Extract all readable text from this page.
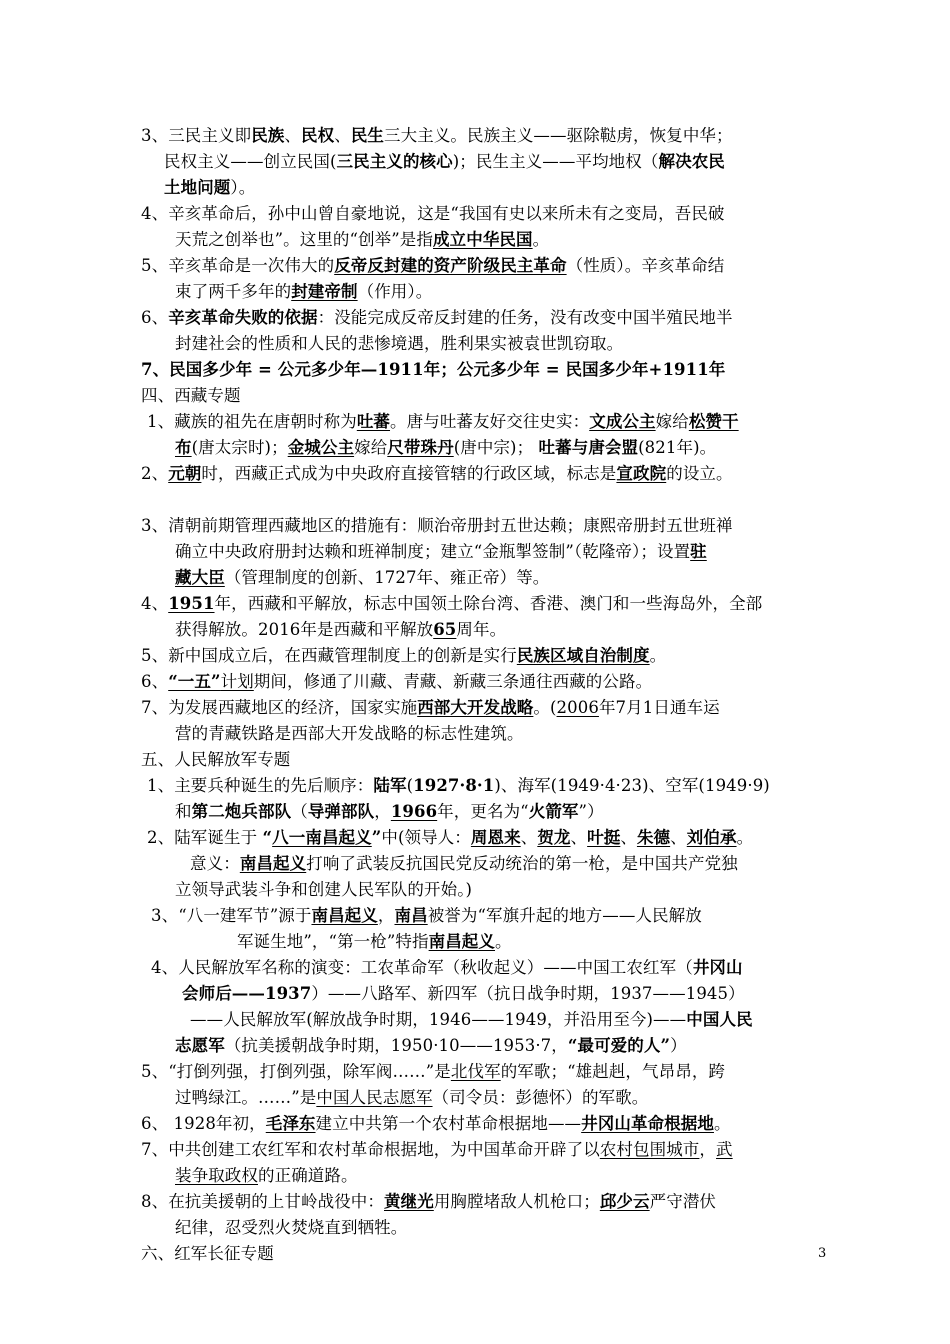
3、三民主义即民族、民权、民生三大主义。民族主义——驱除鞑虏，恢复中华；
民权主义——创立民国(三民主义的核心)；民生主义——平均地权（解决农民
土地问题）。
4、辛亥革命后，孙中山曾自豪地说，这是“我国有史以来所未有之变局，吾民破
天荒之创举也”。这里的“创举”是指成立中华民国。
5、辛亥革命是一次伟大的反帝反封建的资产阶级民主革命（性质）。辛亥革命结
束了两千多年的封建帝制（作用）。
6、辛亥革命失败的依据：没能完成反帝反封建的任务，没有改变中国半殖民地半
封建社会的性质和人民的悲惨境遇，胜利果实被袁世凯窃取。
7、民国多少年 = 公元多少年—1911年；公元多少年 = 民国多少年+1911年
四、西藏专题
1、藏族的祖先在唐朝时称为吐蕃。唐与吐蕃友好交往史实：文成公主嫁给松赞干
布(唐太宗时)；金城公主嫁给尺带珠丹(唐中宗)； 吐蕃与唐会盟(821年)。
2、元朝时，西藏正式成为中央政府直接管辖的行政区域，标志是宣政院的设立。
3、清朝前期管理西藏地区的措施有：顺治帝册封五世达赖；康熙帝册封五世班禅
确立中央政府册封达赖和班禅制度；建立“金瓶掣签制”（乾隆帝）；设置驻
藏大臣（管理制度的创新、1727年、雍正帝）等。
4、1951年，西藏和平解放，标志中国领土除台湾、香港、澳门和一些海岛外，全部
获得解放。2016年是西藏和平解放65周年。
5、新中国成立后，在西藏管理制度上的创新是实行民族区域自治制度。
6、“一五”计划期间，修通了川藏、青藏、新藏三条通往西藏的公路。
7、为发展西藏地区的经济，国家实施西部大开发战略。(2006年7月1日通车运
营的青藏铁路是西部大开发战略的标志性建筑。
五、人民解放军专题
1、主要兵种诞生的先后顺序：陆军(1927·8·1)、海军(1949·4·23)、空军(1949·9)
和第二炮兵部队（导弹部队，1966年，更名为“火箭军”）
2、陆军诞生于 “八一南昌起义”中(领导人：周恩来、贺龙、叶挺、朱德、刘伯承。
意义：南昌起义打响了武装反抗国民党反动统治的第一枪，是中国共产党独
立领导武装斗争和创建人民军队的开始。)
3、“八一建军节”源于南昌起义，南昌被誉为“军旗升起的地方——人民解放
军诞生地”，“第一枪”特指南昌起义。
4、人民解放军名称的演变：工农革命军（秋收起义）——中国工农红军（井冈山
会师后——1937）——八路军、新四军（抗日战争时期，1937——1945）
——人民解放军(解放战争时期，1946——1949，并沿用至今)——中国人民
志愿军（抗美援朝战争时期，1950·10——1953·7，“最可爱的人”）
5、“打倒列强，打倒列强，除军阀……”是北伐军的军歌；“雄赳赳，气昂昂，跨
过鸭绿江。……”是中国人民志愿军（司令员：彭德怀）的军歌。
6、 1928年初，毛泽东建立中共第一个农村革命根据地——井冈山革命根据地。
7、中共创建工农红军和农村革命根据地，为中国革命开辟了以农村包围城市，武
装争取政权的正确道路。
8、在抗美援朝的上甘岭战役中：黄继光用胸膛堵敌人机枪口；邱少云严守潜伏
纪律，忍受烈火焚烧直到牺牲。
六、红军长征专题	3
